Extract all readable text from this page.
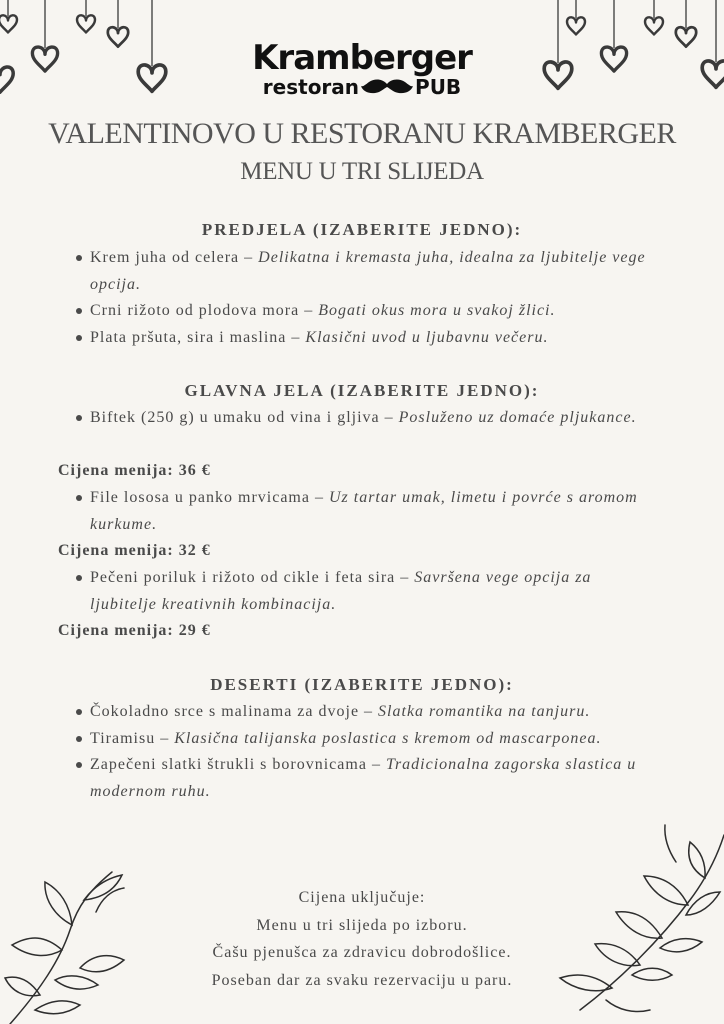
Kramberger
restoran	PUB
VALENTINOVO U RESTORANU KRAMBERGER
MENU U TRI SLIJEDA
PREDJELA (IZABERITE JEDNO):
Krem juha od celera – Delikatna i kremasta juha, idealna za ljubitelje vege opcija.
Crni rižoto od plodova mora – Bogati okus mora u svakoj žlici.
Plata pršuta, sira i maslina – Klasični uvod u ljubavnu večeru.
GLAVNA JELA (IZABERITE JEDNO):
Biftek (250 g) u umaku od vina i gljiva – Posluženo uz domaće pljukance.
Cijena menija: 36 €
File lososa u panko mrvicama – Uz tartar umak, limetu i povrće s aromom kurkume.
Cijena menija: 32 €
Pečeni poriluk i rižoto od cikle i feta sira – Savršena vege opcija za ljubitelje kreativnih kombinacija.
Cijena menija: 29 €
DESERTI (IZABERITE JEDNO):
Čokoladno srce s malinama za dvoje – Slatka romantika na tanjuru.
Tiramisu – Klasična talijanska poslastica s kremom od mascarponea.
Zapečeni slatki štrukli s borovnicama – Tradicionalna zagorska slastica u modernom ruhu.
Cijena uključuje:
Menu u tri slijeda po izboru.
Čašu pjenušca za zdravicu dobrodošlice.
Poseban dar za svaku rezervaciju u paru.
